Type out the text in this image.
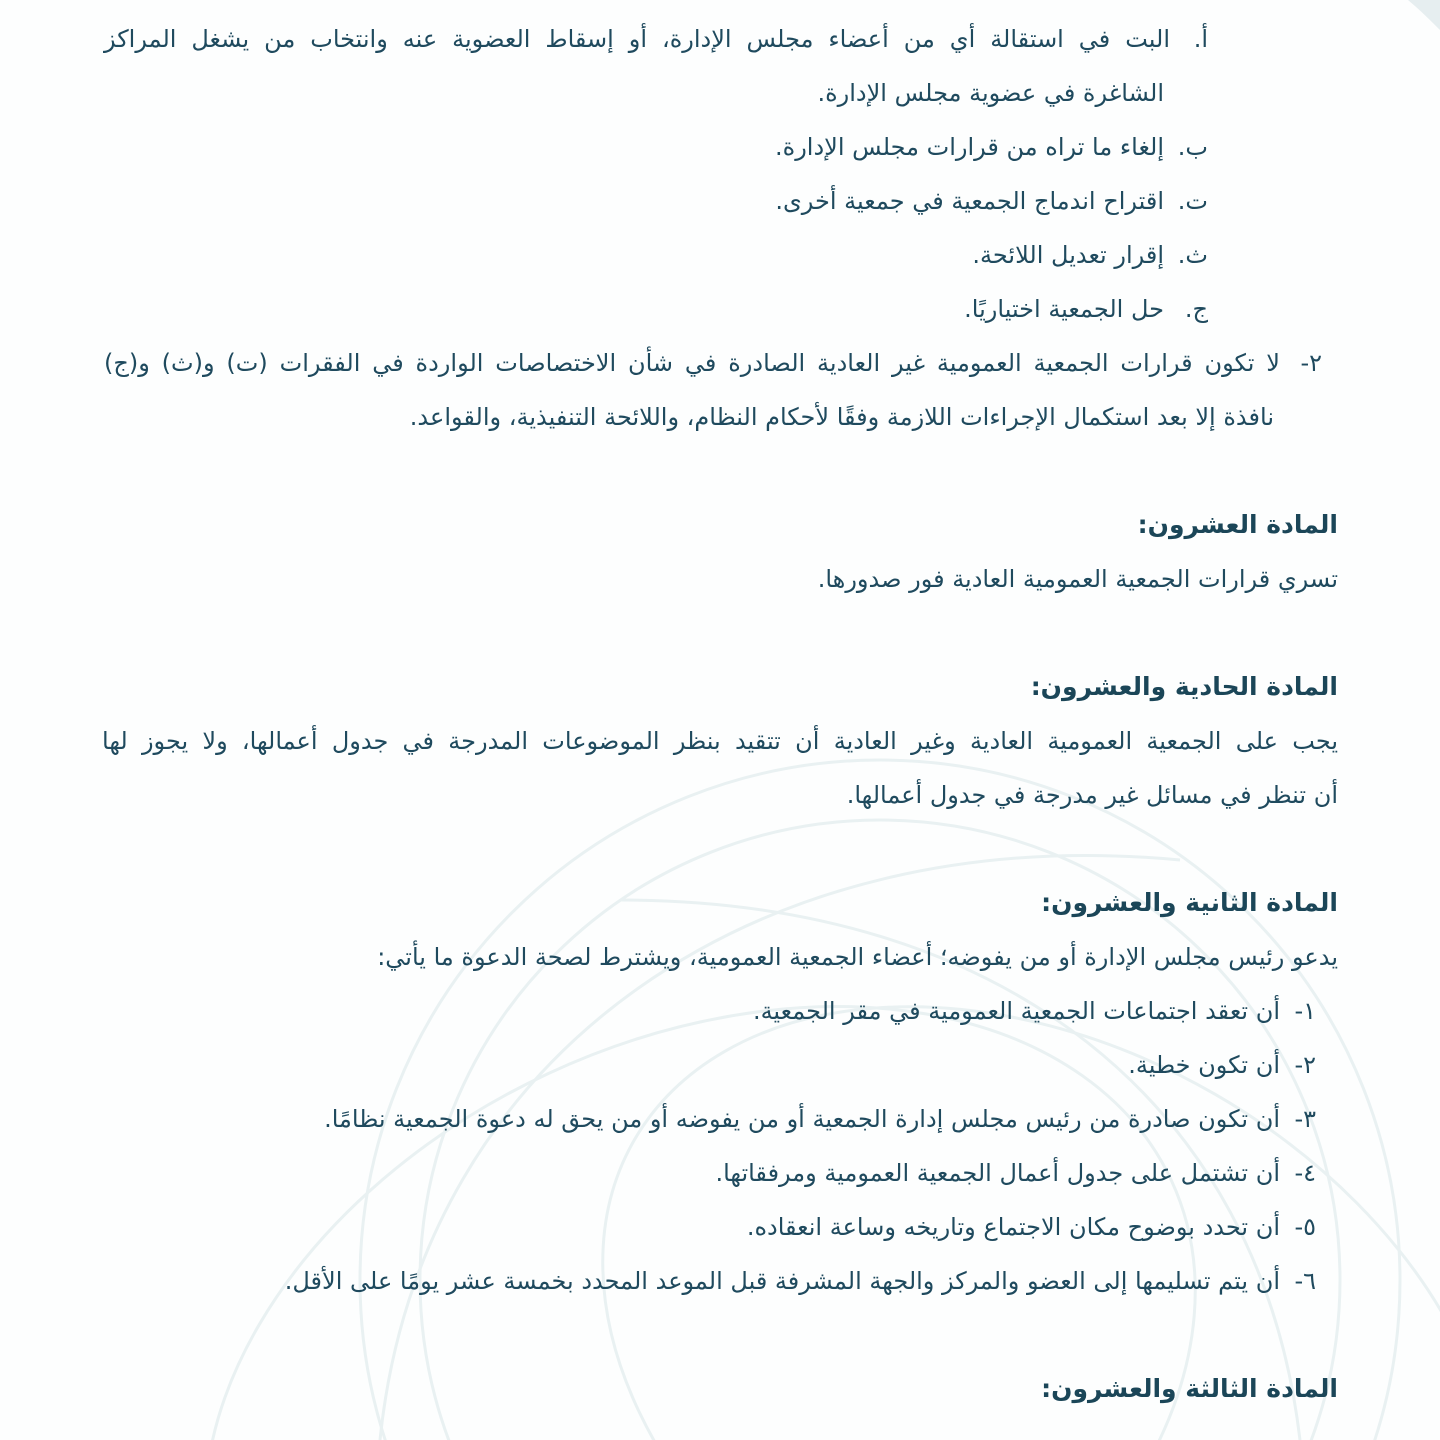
أ.
البت في استقالة أي من أعضاء مجلس الإدارة، أو إسقاط العضوية عنه وانتخاب من يشغل المراكز
الشاغرة في عضوية مجلس الإدارة.
ب.
إلغاء ما تراه من قرارات مجلس الإدارة.
ت.
اقتراح اندماج الجمعية في جمعية أخرى.
ث.
إقرار تعديل اللائحة.
ج.
حل الجمعية اختياريًا.
٢-
لا تكون قرارات الجمعية العمومية غير العادية الصادرة في شأن الاختصاصات الواردة في الفقرات (ت) و(ث) و(ج)
نافذة إلا بعد استكمال الإجراءات اللازمة وفقًا لأحكام النظام، واللائحة التنفيذية، والقواعد.
المادة العشرون:
تسري قرارات الجمعية العمومية العادية فور صدورها.
المادة الحادية والعشرون:
يجب على الجمعية العمومية العادية وغير العادية أن تتقيد بنظر الموضوعات المدرجة في جدول أعمالها، ولا يجوز لها
أن تنظر في مسائل غير مدرجة في جدول أعمالها.
المادة الثانية والعشرون:
يدعو رئيس مجلس الإدارة أو من يفوضه؛ أعضاء الجمعية العمومية، ويشترط لصحة الدعوة ما يأتي:
١-
أن تعقد اجتماعات الجمعية العمومية في مقر الجمعية.
٢-
أن تكون خطية.
٣-
أن تكون صادرة من رئيس مجلس إدارة الجمعية أو من يفوضه أو من يحق له دعوة الجمعية نظامًا.
٤-
أن تشتمل على جدول أعمال الجمعية العمومية ومرفقاتها.
٥-
أن تحدد بوضوح مكان الاجتماع وتاريخه وساعة انعقاده.
٦-
أن يتم تسليمها إلى العضو والمركز والجهة المشرفة قبل الموعد المحدد بخمسة عشر يومًا على الأقل.
المادة الثالثة والعشرون:
